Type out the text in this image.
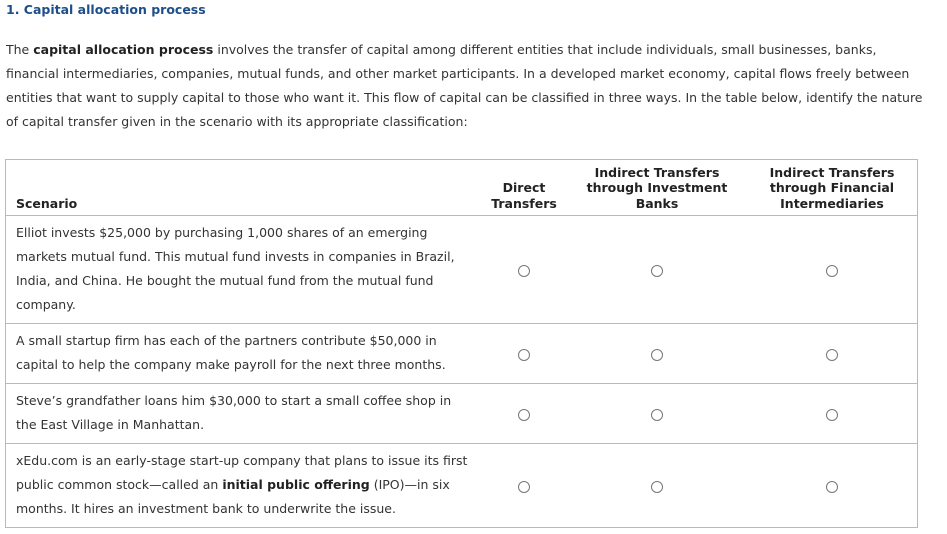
1. Capital allocation process
The capital allocation process involves the transfer of capital among different entities that include individuals, small businesses, banks, financial intermediaries, companies, mutual funds, and other market participants. In a developed market economy, capital flows freely between entities that want to supply capital to those who want it. This flow of capital can be classified in three ways. In the table below, identify the nature of capital transfer given in the scenario with its appropriate classification:
Scenario	Direct Transfers	Indirect Transfers through Investment Banks	Indirect Transfers through Financial Intermediaries
Elliot invests $25,000 by purchasing 1,000 shares of an emerging markets mutual fund. This mutual fund invests in companies in Brazil, India, and China. He bought the mutual fund from the mutual fund company.			
A small startup firm has each of the partners contribute $50,000 in capital to help the company make payroll for the next three months.			
Steve’s grandfather loans him $30,000 to start a small coffee shop in the East Village in Manhattan.			
xEdu.com is an early-stage start-up company that plans to issue its first public common stock—called an initial public offering (IPO)—in six months. It hires an investment bank to underwrite the issue.			
